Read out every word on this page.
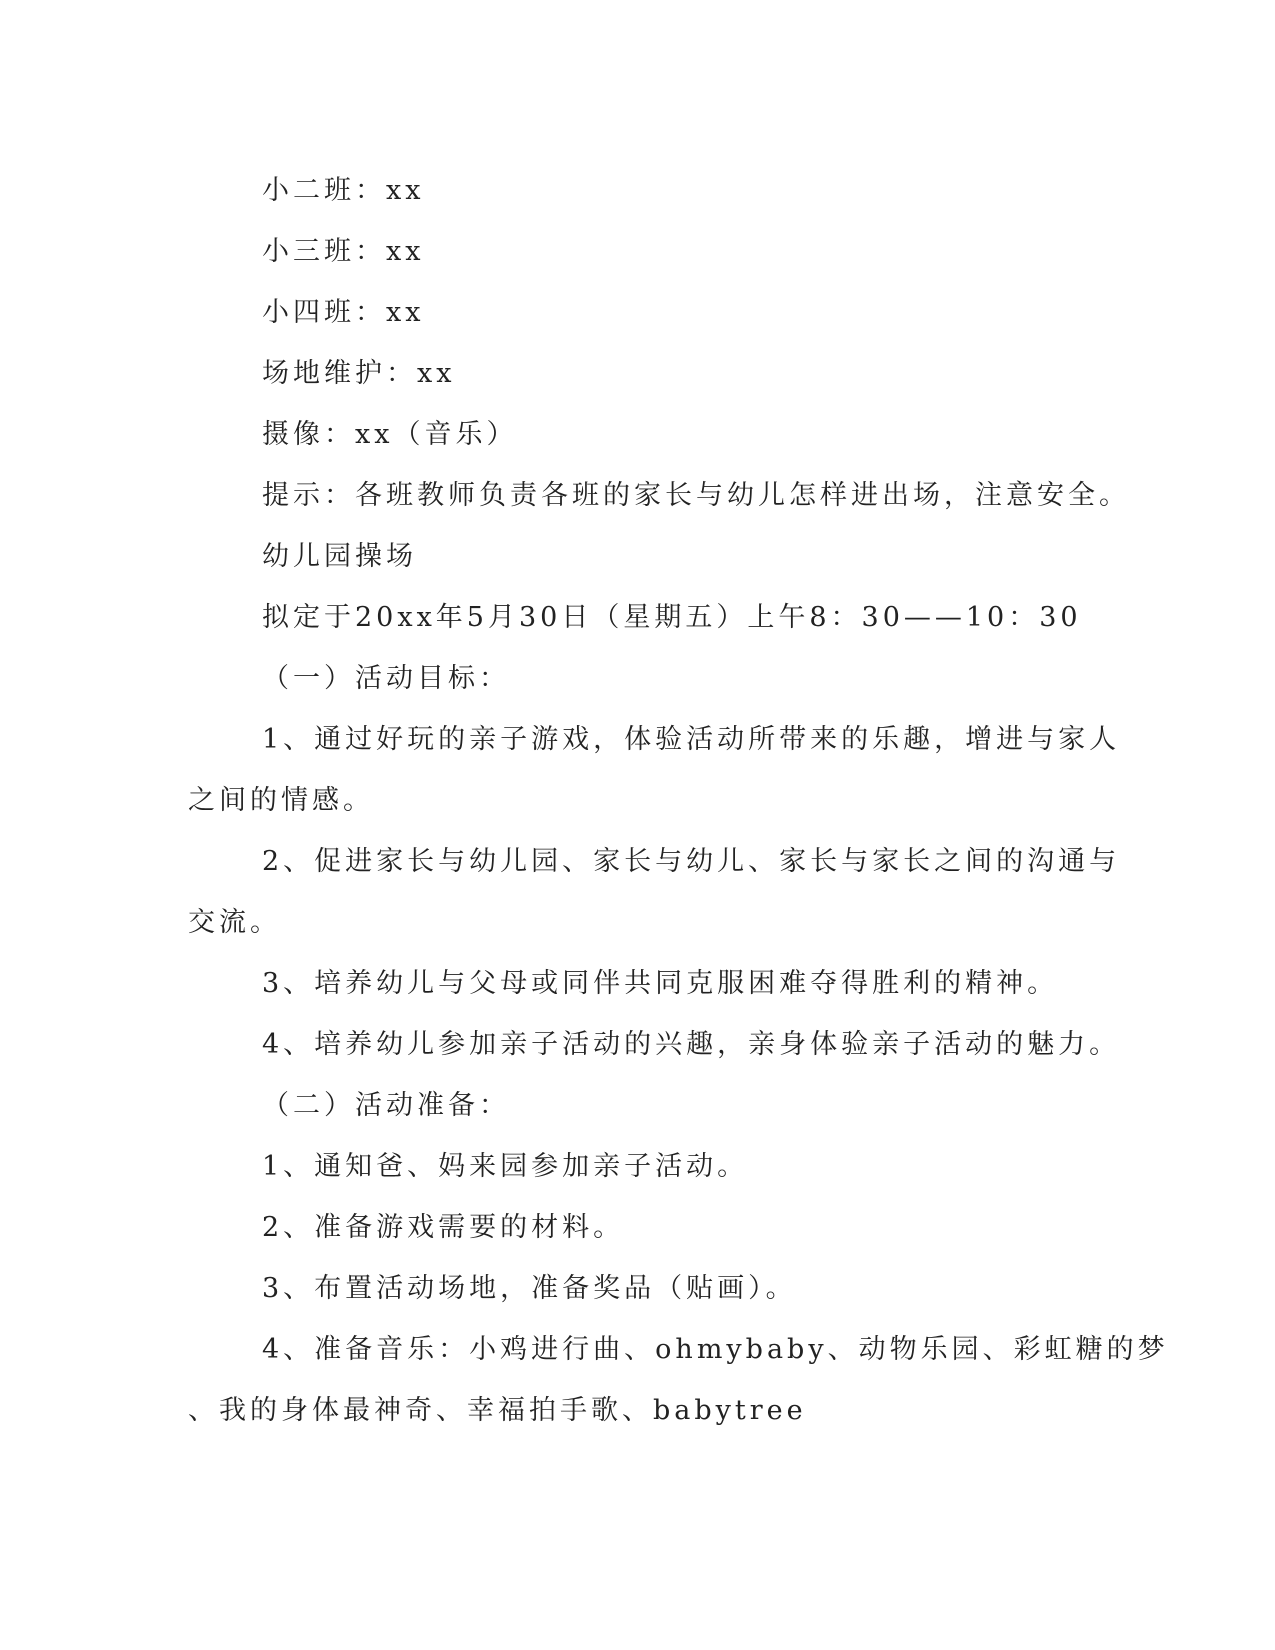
小二班：xx
小三班：xx
小四班：xx
场地维护：xx
摄像：xx（音乐）
提示：各班教师负责各班的家长与幼儿怎样进出场，注意安全。
幼儿园操场
拟定于20xx年5月30日（星期五）上午8：30——10：30
（一）活动目标：
1、通过好玩的亲子游戏，体验活动所带来的乐趣，增进与家人
之间的情感。
2、促进家长与幼儿园、家长与幼儿、家长与家长之间的沟通与
交流。
3、培养幼儿与父母或同伴共同克服困难夺得胜利的精神。
4、培养幼儿参加亲子活动的兴趣，亲身体验亲子活动的魅力。
（二）活动准备：
1、通知爸、妈来园参加亲子活动。
2、准备游戏需要的材料。
3、布置活动场地，准备奖品（贴画）。
4、准备音乐：小鸡进行曲、ohmybaby、动物乐园、彩虹糖的梦
、我的身体最神奇、幸福拍手歌、babytree
